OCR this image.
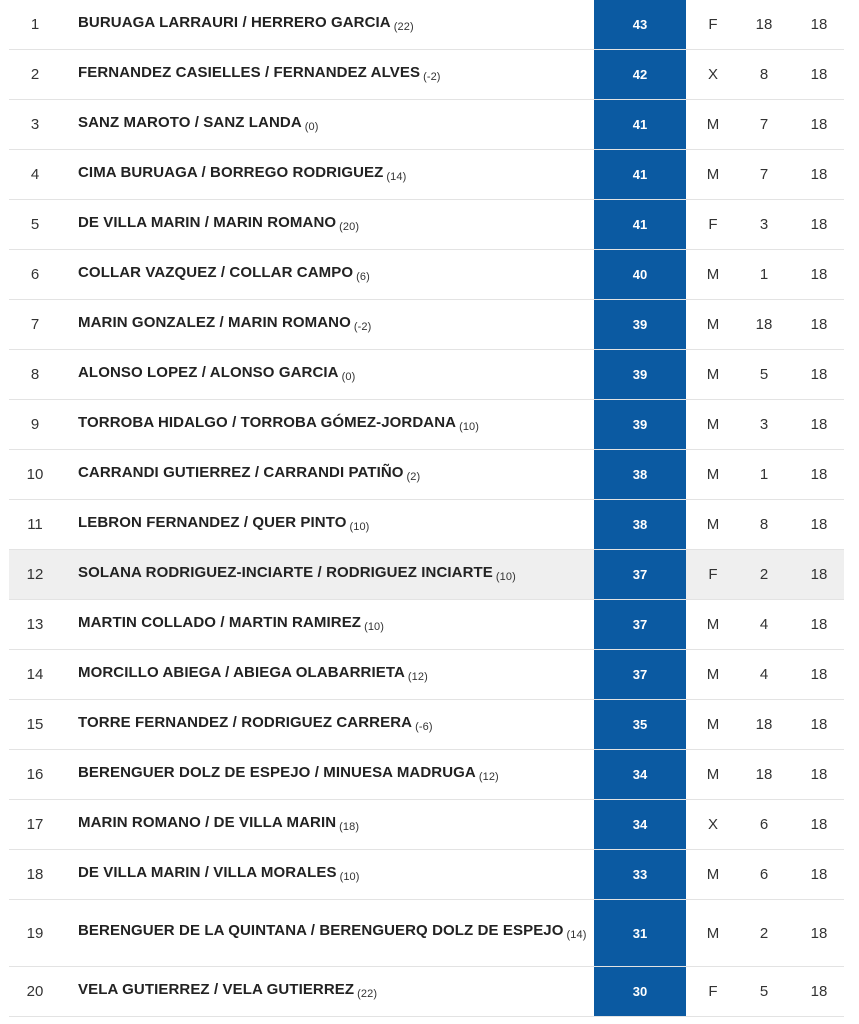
1	BURUAGA LARRAURI / HERRERO GARCIA $_{(22)}$	43	F	18	18
2	FERNANDEZ CASIELLES / FERNANDEZ ALVES $_{(-2)}$	42	X	8	18
3	SANZ MAROTO / SANZ LANDA $_{(0)}$	41	M	7	18
4	CIMA BURUAGA / BORREGO RODRIGUEZ $_{(14)}$	41	M	7	18
5	DE VILLA MARIN / MARIN ROMANO $_{(20)}$	41	F	3	18
6	COLLAR VAZQUEZ / COLLAR CAMPO $_{(6)}$	40	M	1	18
7	MARIN GONZALEZ / MARIN ROMANO $_{(-2)}$	39	M	18	18
8	ALONSO LOPEZ / ALONSO GARCIA $_{(0)}$	39	M	5	18
9	TORROBA HIDALGO / TORROBA GÓMEZ-JORDANA $_{(10)}$	39	M	3	18
10	CARRANDI GUTIERREZ / CARRANDI PATIÑO $_{(2)}$	38	M	1	18
11	LEBRON FERNANDEZ / QUER PINTO $_{(10)}$	38	M	8	18
12	SOLANA RODRIGUEZ-INCIARTE / RODRIGUEZ INCIARTE $_{(10)}$	37	F	2	18
13	MARTIN COLLADO / MARTIN RAMIREZ $_{(10)}$	37	M	4	18
14	MORCILLO ABIEGA / ABIEGA OLABARRIETA $_{(12)}$	37	M	4	18
15	TORRE FERNANDEZ / RODRIGUEZ CARRERA $_{(-6)}$	35	M	18	18
16	BERENGUER DOLZ DE ESPEJO / MINUESA MADRUGA $_{(12)}$	34	M	18	18
17	MARIN ROMANO / DE VILLA MARIN $_{(18)}$	34	X	6	18
18	DE VILLA MARIN / VILLA MORALES $_{(10)}$	33	M	6	18
19	BERENGUER DE LA QUINTANA / BERENGUERQ DOLZ DE ESPEJO $_{(14)}$	31	M	2	18
20	VELA GUTIERREZ / VELA GUTIERREZ $_{(22)}$	30	F	5	18
